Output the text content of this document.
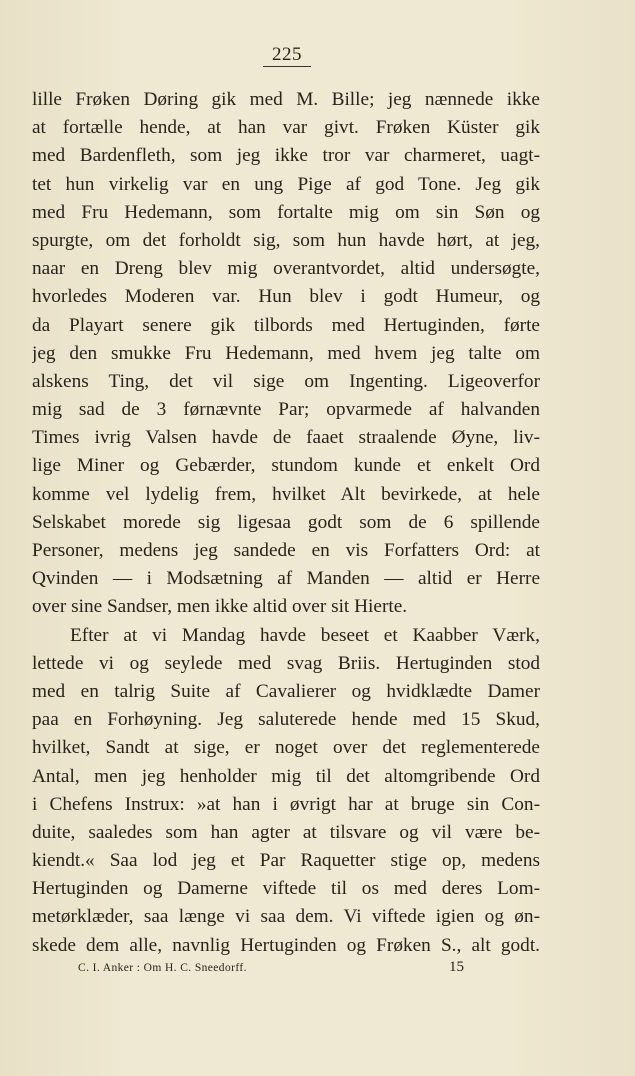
225
lille Frøken Døring gik med M. Bille; jeg nænnede ikke
at fortælle hende, at han var givt. Frøken Küster gik
med Bardenfleth, som jeg ikke tror var charmeret, uagt-
tet hun virkelig var en ung Pige af god Tone. Jeg gik
med Fru Hedemann, som fortalte mig om sin Søn og
spurgte, om det forholdt sig, som hun havde hørt, at jeg,
naar en Dreng blev mig overantvordet, altid undersøgte,
hvorledes Moderen var. Hun blev i godt Humeur, og
da Playart senere gik tilbords med Hertuginden, førte
jeg den smukke Fru Hedemann, med hvem jeg talte om
alskens Ting, det vil sige om Ingenting. Ligeoverfor
mig sad de 3 førnævnte Par; opvarmede af halvanden
Times ivrig Valsen havde de faaet straalende Øyne, liv-
lige Miner og Gebærder, stundom kunde et enkelt Ord
komme vel lydelig frem, hvilket Alt bevirkede, at hele
Selskabet morede sig ligesaa godt som de 6 spillende
Personer, medens jeg sandede en vis Forfatters Ord: at
Qvinden — i Modsætning af Manden — altid er Herre
over sine Sandser, men ikke altid over sit Hierte.
Efter at vi Mandag havde beseet et Kaabber Værk,
lettede vi og seylede med svag Briis. Hertuginden stod
med en talrig Suite af Cavalierer og hvidklædte Damer
paa en Forhøyning. Jeg saluterede hende med 15 Skud,
hvilket, Sandt at sige, er noget over det reglementerede
Antal, men jeg henholder mig til det altomgribende Ord
i Chefens Instrux: »at han i øvrigt har at bruge sin Con-
duite, saaledes som han agter at tilsvare og vil være be-
kiendt.« Saa lod jeg et Par Raquetter stige op, medens
Hertuginden og Damerne viftede til os med deres Lom-
metørklæder, saa længe vi saa dem. Vi viftede igien og øn-
skede dem alle, navnlig Hertuginden og Frøken S., alt godt.
C. I. Anker : Om H. C. Sneedorff.	15
